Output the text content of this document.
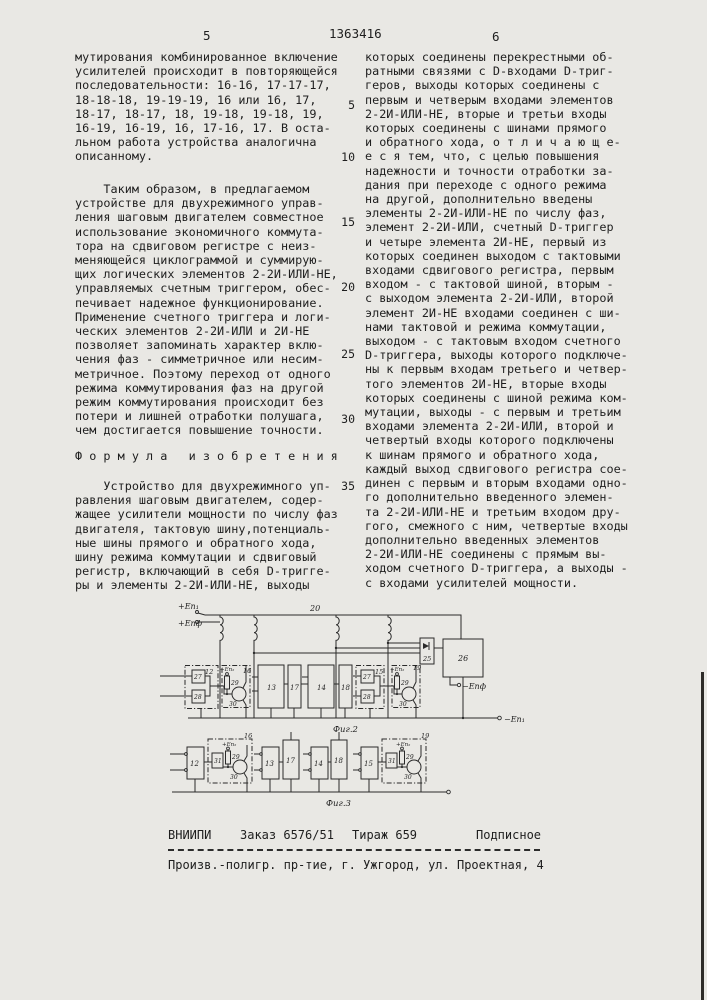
5	1363416	6
мутирования комбинированное включение
усилителей происходит в повторяющейся
последовательности: 16-16, 17-17-17,
18-18-18, 19-19-19, 16 или 16, 17,
18-17, 18-17, 18, 19-18, 19-18, 19,
16-19, 16-19, 16, 17-16, 17. В оста-
льном работа устройства аналогична
описанному.
Таким образом, в предлагаемом
устройстве для двухрежимного управ-
ления шаговым двигателем совместное
использование экономичного коммута-
тора на сдвиговом регистре с неиз-
меняющейся циклограммой и суммирую-
щих логических элементов 2-2И-ИЛИ-НЕ,
управляемых счетным триггером, обес-
печивает надежное функционирование.
Применение счетного триггера и логи-
ческих элементов 2-2И-ИЛИ и 2И-НЕ
позволяет запоминать характер вклю-
чения фаз - симметричное или несим-
метричное. Поэтому переход от одного
режима коммутирования фаз на другой
режим коммутирования происходит без
потери и лишней отработки полушага,
чем достигается повышение точности.
Ф о р м у л а   и з о б р е т е н и я
Устройство для двухрежимного уп-
равления шаговым двигателем, содер-
жащее усилители мощности по числу фаз
двигателя, тактовую шину,потенциаль-
ные шины прямого и обратного хода,
шину режима коммутации и сдвиговый
регистр, включающий в себя D-тригге-
ры и элементы 2-2И-ИЛИ-НЕ, выходы
которых соединены перекрестными об-
ратными связями с D-входами D-триг-
геров, выходы которых соединены с
первым и четверым входами элементов
2-2И-ИЛИ-НЕ, вторые и третьи входы
которых соединены с шинами прямого
и обратного хода, о т л и ч а ю щ е-
е с я тем, что, с целью повышения
надежности и точности отработки за-
дания при переходе с одного режима
на другой, дополнительно введены
элементы 2-2И-ИЛИ-НЕ по числу фаз,
элемент 2-2И-ИЛИ, счетный D-триггер
и четыре элемента 2И-НЕ, первый из
которых соединен выходом с тактовыми
входами сдвигового регистра, первым
входом - с тактовой шиной, вторым -
с выходом элемента 2-2И-ИЛИ, второй
элемент 2И-НЕ входами соединен с ши-
нами тактовой и режима коммутации,
выходом - с тактовым входом счетного
D-триггера, выходы которого подключе-
ны к первым входам третьего и четвер-
того элементов 2И-НЕ, вторые входы
которых соединены с шиной режима ком-
мутации, выходы - с первым и третьим
входами элемента 2-2И-ИЛИ, второй и
четвертый входы которого подключены
к шинам прямого и обратного хода,
каждый выход сдвигового регистра сое-
динен с первым и вторым входами одно-
го дополнительно введенного элемен-
та 2-2И-ИЛИ-НЕ и третьим входом дру-
гого, смежного с ним, четвертые входы
дополнительно введенных элементов
2-2И-ИЛИ-НЕ соединены с прямым вы-
ходом счетного D-триггера, а выходы -
с входами усилителей мощности.
5
10
15
20
25
30
35
+Eп₁
+Eпф
20
25	26
−Eпф
12
27
28
16
+Eп₂
29
30
13 17	14 18
15
27
28
19
+Eп₂
29
30
−Eп₁
Фиг.2
12
16
31
+Eп₂
29
30
13 17	14 18	15
19
31
+Eп₂
29
30
Фиг.3
ВНИИПИ Заказ 6576/51 Тираж 659	Подписное
Произв.-полигр. пр-тие, г. Ужгород, ул. Проектная, 4
